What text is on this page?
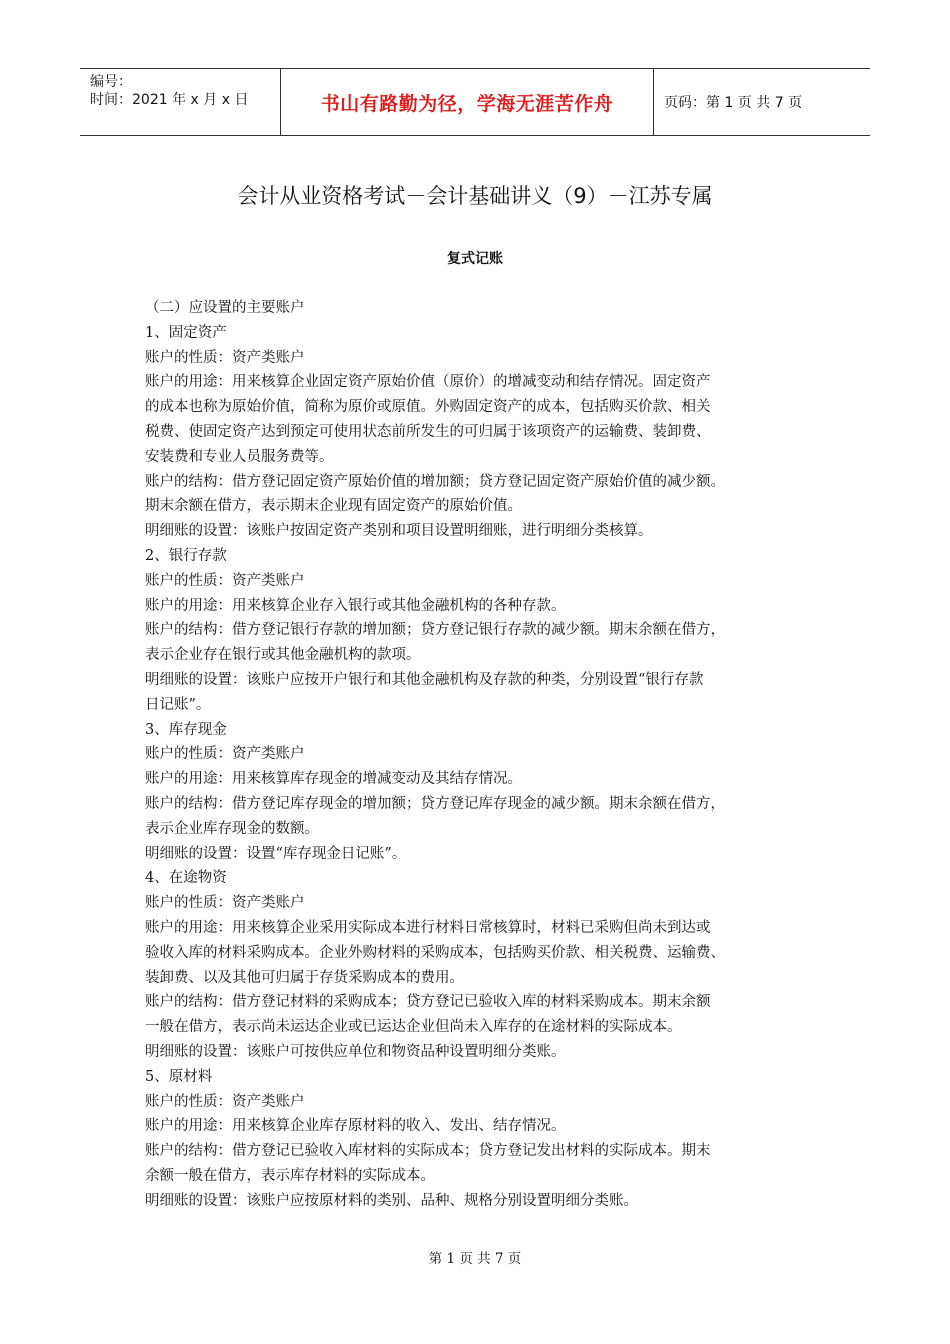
编号：
时间：2021 年 x 月 x 日	书山有路勤为径，学海无涯苦作舟	页码：第 1 页 共 7 页
会计从业资格考试－会计基础讲义（9）－江苏专属
复式记账

（二）应设置的主要账户

1、固定资产

账户的性质：资产类账户

账户的用途：用来核算企业固定资产原始价值（原价）的增减变动和结存情况。固定资产

的成本也称为原始价值，简称为原价或原值。外购固定资产的成本，包括购买价款、相关

税费、使固定资产达到预定可使用状态前所发生的可归属于该项资产的运输费、装卸费、

安装费和专业人员服务费等。

账户的结构：借方登记固定资产原始价值的增加额；贷方登记固定资产原始价值的减少额。

期末余额在借方，表示期末企业现有固定资产的原始价值。

明细账的设置：该账户按固定资产类别和项目设置明细账，进行明细分类核算。

2、银行存款

账户的性质：资产类账户

账户的用途：用来核算企业存入银行或其他金融机构的各种存款。

账户的结构：借方登记银行存款的增加额；贷方登记银行存款的减少额。期末余额在借方，

表示企业存在银行或其他金融机构的款项。

明细账的设置：该账户应按开户银行和其他金融机构及存款的种类，分别设置“银行存款

日记账”。

3、库存现金

账户的性质：资产类账户

账户的用途：用来核算库存现金的增减变动及其结存情况。

账户的结构：借方登记库存现金的增加额；贷方登记库存现金的减少额。期末余额在借方，

表示企业库存现金的数额。

明细账的设置：设置“库存现金日记账”。

4、在途物资

账户的性质：资产类账户

账户的用途：用来核算企业采用实际成本进行材料日常核算时，材料已采购但尚未到达或

验收入库的材料采购成本。企业外购材料的采购成本，包括购买价款、相关税费、运输费、

装卸费、以及其他可归属于存货采购成本的费用。

账户的结构：借方登记材料的采购成本；贷方登记已验收入库的材料采购成本。期末余额

一般在借方，表示尚未运达企业或已运达企业但尚未入库存的在途材料的实际成本。

明细账的设置：该账户可按供应单位和物资品种设置明细分类账。

5、原材料

账户的性质：资产类账户

账户的用途：用来核算企业库存原材料的收入、发出、结存情况。

账户的结构：借方登记已验收入库材料的实际成本；贷方登记发出材料的实际成本。期末

余额一般在借方，表示库存材料的实际成本。

明细账的设置：该账户应按原材料的类别、品种、规格分别设置明细分类账。

第 1 页 共 7 页
